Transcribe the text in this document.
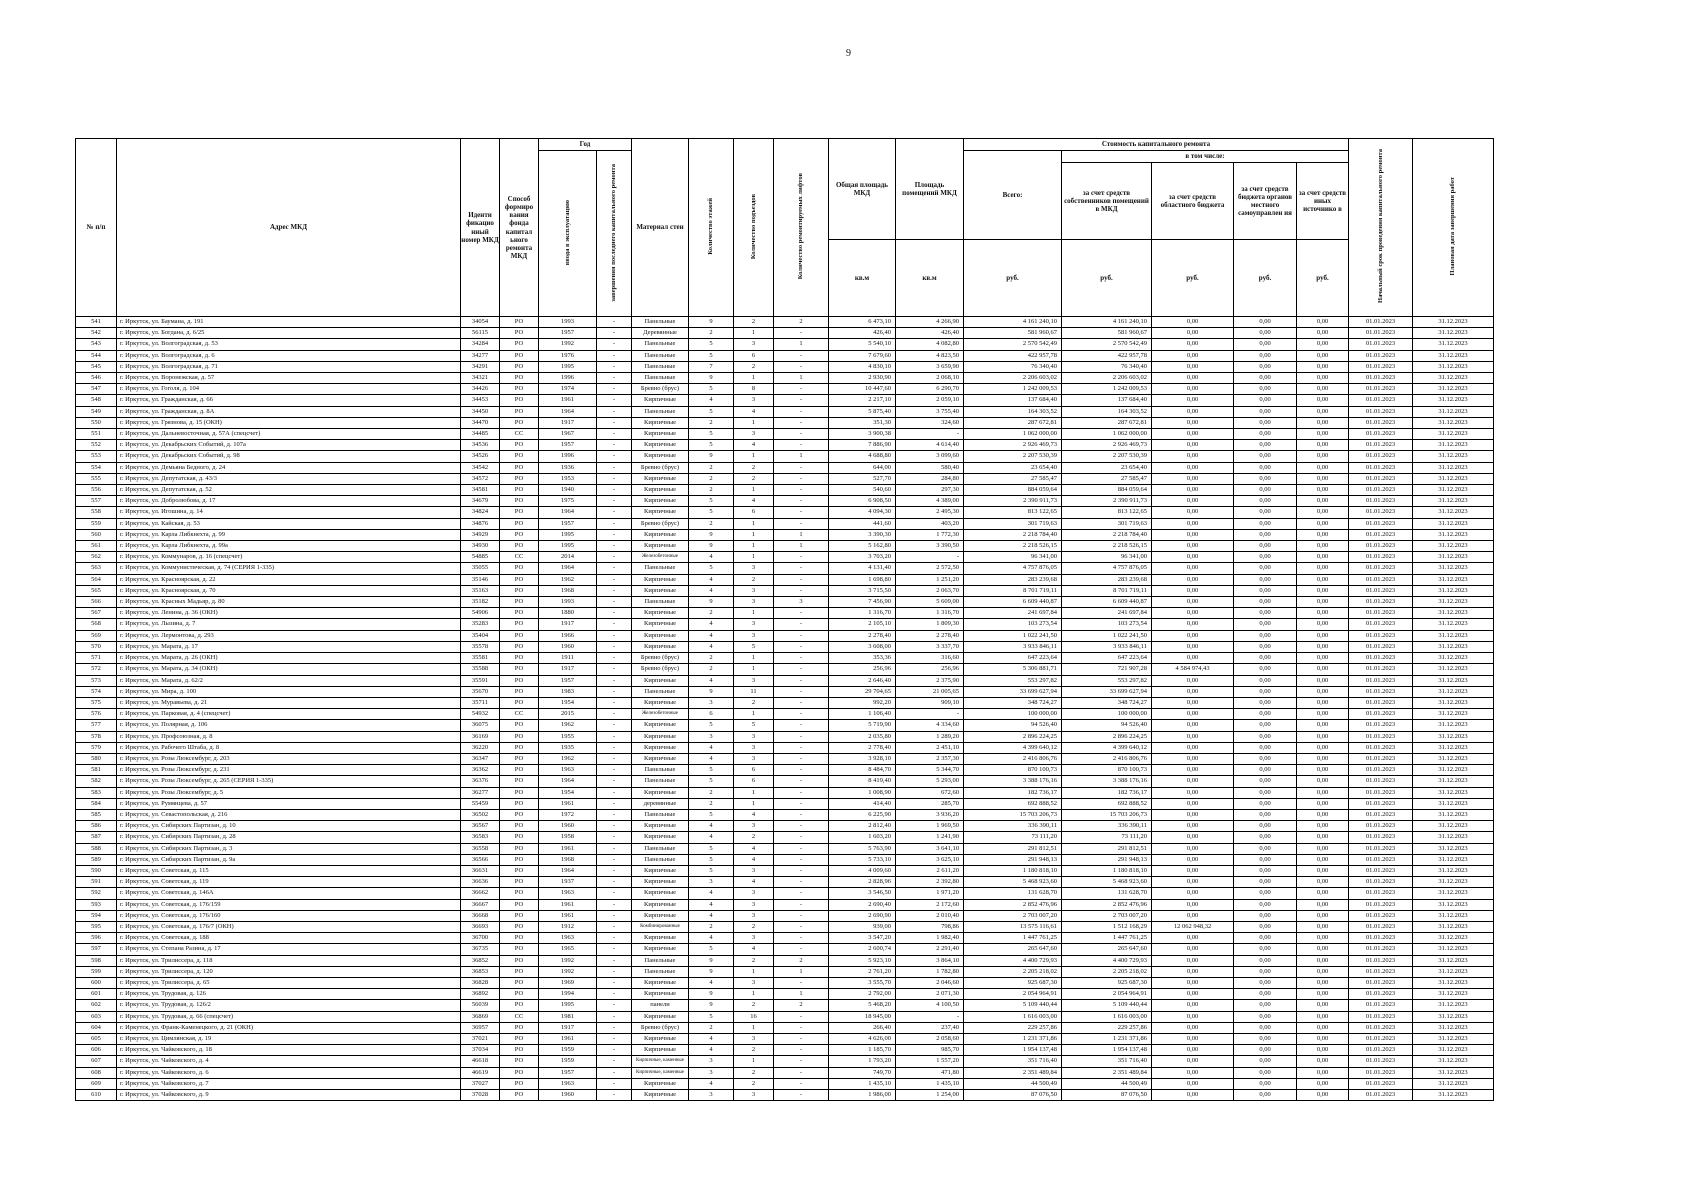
9
№ п/п	Адрес МКД	Иденти фикацио нный номер МКД	Способ формиро вания фонда капитал ьного ремонта МКД	Год		Материал стен	Количество этажей	Количество подъездов	Количество ремонтируемых лифтов	Общая площадь МКД	Площадь помещений МКД	Стоимость капитального ремонта					Начальный срок проведения капитального ремонта	Плановая дата завершения работ
				ввода в эксплуатацию	завершения последнего капитального ремонта							Всего:	в том числе:					
													за счет средств собственников помещений в МКД	за счет средств областного бюджета	за счет средств бюджета органов местного самоуправлен ия	за счет средств иных источнико в		
										кв.м	кв.м	руб.	руб.	руб.	руб.	руб.		
541	г. Иркутск, ул. Баумана, д. 191	34054	РО	1993	-	Панельные	9	2	2	6 473,10	4 266,90	4 161 240,10	4 161 240,10	0,00	0,00	0,00	01.01.2023	31.12.2023
542	г. Иркутск, ул. Богдана, д. 6/25	56115	РО	1957	-	Деревянные	2	1	-	426,40	426,40	581 960,67	581 960,67	0,00	0,00	0,00	01.01.2023	31.12.2023
543	г. Иркутск, ул. Волгоградская, д. 53	34284	РО	1992	-	Панельные	5	3	1	5 540,10	4 082,80	2 570 542,49	2 570 542,49	0,00	0,00	0,00	01.01.2023	31.12.2023
544	г. Иркутск, ул. Волгоградская, д. 6	34277	РО	1976	-	Панельные	5	6	-	7 679,60	4 823,50	422 957,78	422 957,78	0,00	0,00	0,00	01.01.2023	31.12.2023
545	г. Иркутск, ул. Волгоградская, д. 71	34291	РО	1995	-	Панельные	7	2	-	4 830,10	3 659,90	76 340,40	76 340,40	0,00	0,00	0,00	01.01.2023	31.12.2023
546	г. Иркутск, ул. Воронежская, д. 57	34321	РО	1996	-	Панельные	9	1	1	2 930,90	2 068,10	2 206 603,02	2 206 603,02	0,00	0,00	0,00	01.01.2023	31.12.2023
547	г. Иркутск, ул. Гоголя, д. 104	34426	РО	1974	-	Бревно (брус)	5	8	-	10 447,60	6 290,70	1 242 009,53	1 242 009,53	0,00	0,00	0,00	01.01.2023	31.12.2023
548	г. Иркутск, ул. Гражданская, д. 66	34453	РО	1961	-	Кирпичные	4	3	-	2 217,10	2 059,10	137 684,40	137 684,40	0,00	0,00	0,00	01.01.2023	31.12.2023
549	г. Иркутск, ул. Гражданская, д. 8А	34450	РО	1964	-	Панельные	5	4	-	5 875,40	3 755,40	164 303,52	164 303,52	0,00	0,00	0,00	01.01.2023	31.12.2023
550	г. Иркутск, ул. Грязнова, д. 15 (ОКН)	34470	РО	1917	-	Кирпичные	2	1	-	351,30	324,60	287 672,81	287 672,81	0,00	0,00	0,00	01.01.2023	31.12.2023
551	г. Иркутск, ул. Дальневосточная, д. 57А (спецсчет)	34485	СС	1967	-	Кирпичные	5	3	-	3 900,38	-	1 062 000,00	1 062 000,00	0,00	0,00	0,00	01.01.2023	31.12.2023
552	г. Иркутск, ул. Декабрьских Событий, д. 107а	34536	РО	1957	-	Кирпичные	5	4	-	7 886,90	4 614,40	2 926 469,73	2 926 469,73	0,00	0,00	0,00	01.01.2023	31.12.2023
553	г. Иркутск, ул. Декабрьских Событий, д. 98	34526	РО	1996	-	Кирпичные	9	1	1	4 688,80	3 099,60	2 207 530,39	2 207 530,39	0,00	0,00	0,00	01.01.2023	31.12.2023
554	г. Иркутск, ул. Демьяна Бедного, д. 24	34542	РО	1936	-	Бревно (брус)	2	2	-	644,00	580,40	23 654,40	23 654,40	0,00	0,00	0,00	01.01.2023	31.12.2023
555	г. Иркутск, ул. Депутатская, д. 43/3	34572	РО	1953	-	Кирпичные	2	2	-	527,70	284,80	27 585,47	27 585,47	0,00	0,00	0,00	01.01.2023	31.12.2023
556	г. Иркутск, ул. Депутатская, д. 52	34581	РО	1940	-	Кирпичные	2	1	-	540,60	297,30	884 059,64	884 059,64	0,00	0,00	0,00	01.01.2023	31.12.2023
557	г. Иркутск, ул. Добролюбова, д. 17	34679	РО	1975	-	Кирпичные	5	4	-	6 908,50	4 389,00	2 390 911,73	2 390 911,73	0,00	0,00	0,00	01.01.2023	31.12.2023
558	г. Иркутск, ул. Игошина, д. 14	34824	РО	1964	-	Кирпичные	5	6	-	4 094,30	2 495,30	813 122,65	813 122,65	0,00	0,00	0,00	01.01.2023	31.12.2023
559	г. Иркутск, ул. Кайская, д. 53	34876	РО	1957	-	Бревно (брус)	2	1	-	441,60	403,20	301 719,63	301 719,63	0,00	0,00	0,00	01.01.2023	31.12.2023
560	г. Иркутск, ул. Карла Либкнехта, д. 99	34929	РО	1995	-	Кирпичные	9	1	1	3 390,30	1 772,30	2 218 784,40	2 218 784,40	0,00	0,00	0,00	01.01.2023	31.12.2023
561	г. Иркутск, ул. Карла Либкнехта, д. 99а	34930	РО	1995	-	Кирпичные	9	1	1	5 162,80	3 390,50	2 218 526,15	2 218 526,15	0,00	0,00	0,00	01.01.2023	31.12.2023
562	г. Иркутск, ул. Коммунаров, д. 16 (спецсчет)	54885	СС	2014	-	Железобетонные	4	1	-	3 703,20	-	96 341,00	96 341,00	0,00	0,00	0,00	01.01.2023	31.12.2023
563	г. Иркутск, ул. Коммунистическая, д. 74 (СЕРИЯ 1-335)	35055	РО	1964	-	Панельные	5	3	-	4 131,40	2 572,50	4 757 876,05	4 757 876,05	0,00	0,00	0,00	01.01.2023	31.12.2023
564	г. Иркутск, ул. Красноярская, д. 22	35146	РО	1962	-	Кирпичные	4	2	-	1 698,80	1 251,20	283 239,68	283 239,68	0,00	0,00	0,00	01.01.2023	31.12.2023
565	г. Иркутск, ул. Красноярская, д. 70	35163	РО	1968	-	Кирпичные	4	3	-	3 715,50	2 063,70	8 701 719,11	8 701 719,11	0,00	0,00	0,00	01.01.2023	31.12.2023
566	г. Иркутск, ул. Красных Мадьяр, д. 80	35182	РО	1993	-	Панельные	9	3	3	7 456,90	5 609,00	6 609 440,87	6 609 440,87	0,00	0,00	0,00	01.01.2023	31.12.2023
567	г. Иркутск, ул. Ленина, д. 36 (ОКН)	54906	РО	1880	-	Кирпичные	2	1	-	1 316,70	1 316,70	241 697,84	241 697,84	0,00	0,00	0,00	01.01.2023	31.12.2023
568	г. Иркутск, ул. Лызина, д. 7	35283	РО	1917	-	Кирпичные	4	3	-	2 105,10	1 809,30	103 273,54	103 273,54	0,00	0,00	0,00	01.01.2023	31.12.2023
569	г. Иркутск, ул. Лермонтова, д. 293	35404	РО	1966	-	Кирпичные	4	3	-	2 278,40	2 278,40	1 022 241,50	1 022 241,50	0,00	0,00	0,00	01.01.2023	31.12.2023
570	г. Иркутск, ул. Марата, д. 17	35578	РО	1960	-	Кирпичные	4	5	-	3 608,00	3 337,70	3 933 846,11	3 933 846,11	0,00	0,00	0,00	01.01.2023	31.12.2023
571	г. Иркутск, ул. Марата, д. 26 (ОКН)	35581	РО	1911	-	Бревно (брус)	2	1	-	353,36	316,60	647 223,64	647 223,64	0,00	0,00	0,00	01.01.2023	31.12.2023
572	г. Иркутск, ул. Марата, д. 34 (ОКН)	35588	РО	1917	-	Бревно (брус)	2	1	-	256,96	256,96	5 306 881,71	721 907,28	4 584 974,43	0,00	0,00	01.01.2023	31.12.2023
573	г. Иркутск, ул. Марата, д. 62/2	35591	РО	1957	-	Кирпичные	4	3	-	2 646,40	2 375,90	553 297,82	553 297,82	0,00	0,00	0,00	01.01.2023	31.12.2023
574	г. Иркутск, ул. Мира, д. 100	35670	РО	1983	-	Панельные	9	11	-	29 704,65	21 005,65	33 699 627,94	33 699 627,94	0,00	0,00	0,00	01.01.2023	31.12.2023
575	г. Иркутск, ул. Муравьева, д. 21	35711	РО	1954	-	Кирпичные	3	2	-	992,20	909,10	348 724,27	348 724,27	0,00	0,00	0,00	01.01.2023	31.12.2023
576	г. Иркутск, ул. Парковая, д. 4 (спецсчет)	54932	СС	2015	-	Железобетонные	6	1	-	1 106,40	-	100 000,00	100 000,00	0,00	0,00	0,00	01.01.2023	31.12.2023
577	г. Иркутск, ул. Полярная, д. 106	36075	РО	1962	-	Кирпичные	5	5	-	5 719,90	4 334,60	94 526,40	94 526,40	0,00	0,00	0,00	01.01.2023	31.12.2023
578	г. Иркутск, ул. Профсоюзная, д. 8	36169	РО	1955	-	Кирпичные	3	3	-	2 035,80	1 289,20	2 896 224,25	2 896 224,25	0,00	0,00	0,00	01.01.2023	31.12.2023
579	г. Иркутск, ул. Рабочего Штаба, д. 8	36220	РО	1935	-	Кирпичные	4	3	-	2 778,40	2 451,10	4 399 640,12	4 399 640,12	0,00	0,00	0,00	01.01.2023	31.12.2023
580	г. Иркутск, ул. Розы Люксембург, д. 203	36347	РО	1962	-	Кирпичные	4	3	-	3 928,10	2 357,30	2 416 806,76	2 416 806,76	0,00	0,00	0,00	01.01.2023	31.12.2023
581	г. Иркутск, ул. Розы Люксембург, д. 231	36362	РО	1963	-	Панельные	5	6	-	8 484,70	5 344,70	870 100,73	870 100,73	0,00	0,00	0,00	01.01.2023	31.12.2023
582	г. Иркутск, ул. Розы Люксембург, д. 265 (СЕРИЯ 1-335)	36376	РО	1964	-	Панельные	5	6	-	8 419,40	5 293,00	3 388 176,16	3 388 176,16	0,00	0,00	0,00	01.01.2023	31.12.2023
583	г. Иркутск, ул. Розы Люксембург, д. 5	36277	РО	1954	-	Кирпичные	2	1	-	1 008,90	672,60	182 736,17	182 736,17	0,00	0,00	0,00	01.01.2023	31.12.2023
584	г. Иркутск, ул. Румянцева, д. 57	55459	РО	1961	-	деревянные	2	1	-	414,40	285,70	692 888,52	692 888,52	0,00	0,00	0,00	01.01.2023	31.12.2023
585	г. Иркутск, ул. Севастопольская, д. 216	36502	РО	1972	-	Панельные	5	4	-	6 225,90	3 936,20	15 703 206,73	15 703 206,73	0,00	0,00	0,00	01.01.2023	31.12.2023
586	г. Иркутск, ул. Сибирских Партизан, д. 10	36567	РО	1960	-	Кирпичные	4	3	-	2 812,40	1 969,50	336 390,11	336 390,11	0,00	0,00	0,00	01.01.2023	31.12.2023
587	г. Иркутск, ул. Сибирских Партизан, д. 28	36583	РО	1958	-	Кирпичные	4	2	-	1 603,20	1 241,90	73 111,20	73 111,20	0,00	0,00	0,00	01.01.2023	31.12.2023
588	г. Иркутск, ул. Сибирских Партизан, д. 3	36558	РО	1961	-	Панельные	5	4	-	5 763,90	3 641,10	291 812,51	291 812,51	0,00	0,00	0,00	01.01.2023	31.12.2023
589	г. Иркутск, ул. Сибирских Партизан, д. 9а	36566	РО	1968	-	Панельные	5	4	-	5 733,10	3 625,10	291 948,13	291 948,13	0,00	0,00	0,00	01.01.2023	31.12.2023
590	г. Иркутск, ул. Советская, д. 115	36631	РО	1964	-	Кирпичные	5	3	-	4 009,60	2 611,20	1 180 818,10	1 180 818,10	0,00	0,00	0,00	01.01.2023	31.12.2023
591	г. Иркутск, ул. Советская, д. 119	36636	РО	1937	-	Кирпичные	3	4	-	2 828,96	2 392,80	5 468 923,60	5 468 923,60	0,00	0,00	0,00	01.01.2023	31.12.2023
592	г. Иркутск, ул. Советская, д. 146А	36662	РО	1963	-	Кирпичные	4	3	-	3 546,50	1 971,20	131 628,70	131 628,70	0,00	0,00	0,00	01.01.2023	31.12.2023
593	г. Иркутск, ул. Советская, д. 176/159	36667	РО	1961	-	Кирпичные	4	3	-	2 690,40	2 172,60	2 852 476,96	2 852 476,96	0,00	0,00	0,00	01.01.2023	31.12.2023
594	г. Иркутск, ул. Советская, д. 176/160	36668	РО	1961	-	Кирпичные	4	3	-	2 690,90	2 010,40	2 703 007,20	2 703 007,20	0,00	0,00	0,00	01.01.2023	31.12.2023
595	г. Иркутск, ул. Советская, д. 176/7 (ОКН)	36693	РО	1912	-	Комбинированные	2	2	-	939,00	798,86	13 575 116,61	1 512 168,29	12 062 948,32	0,00	0,00	01.01.2023	31.12.2023
596	г. Иркутск, ул. Советская, д. 188	36700	РО	1963	-	Кирпичные	4	3	-	3 547,20	1 982,40	1 447 761,25	1 447 761,25	0,00	0,00	0,00	01.01.2023	31.12.2023
597	г. Иркутск, ул. Степана Разина, д. 17	36735	РО	1965	-	Кирпичные	5	4	-	2 600,74	2 291,40	265 647,60	265 647,60	0,00	0,00	0,00	01.01.2023	31.12.2023
598	г. Иркутск, ул. Трилиссера, д. 118	36852	РО	1992	-	Панельные	9	2	2	5 923,10	3 864,10	4 400 729,93	4 400 729,93	0,00	0,00	0,00	01.01.2023	31.12.2023
599	г. Иркутск, ул. Трилиссера, д. 120	36853	РО	1992	-	Панельные	9	1	1	2 761,20	1 782,80	2 205 218,02	2 205 218,02	0,00	0,00	0,00	01.01.2023	31.12.2023
600	г. Иркутск, ул. Трилиссера, д. 65	36828	РО	1969	-	Кирпичные	4	3	-	3 555,70	2 046,60	925 687,30	925 687,30	0,00	0,00	0,00	01.01.2023	31.12.2023
601	г. Иркутск, ул. Трудовая, д. 126	36892	РО	1994	-	Кирпичные	9	1	1	2 792,00	2 071,30	2 054 964,91	2 054 964,91	0,00	0,00	0,00	01.01.2023	31.12.2023
602	г. Иркутск, ул. Трудовая, д. 126/2	56039	РО	1995	-	панели	9	2	2	5 468,20	4 100,50	5 109 440,44	5 109 440,44	0,00	0,00	0,00	01.01.2023	31.12.2023
603	г. Иркутск, ул. Трудовая, д. 66 (спецсчет)	36869	СС	1981	-	Кирпичные	5	16	-	18 945,00	-	1 616 003,00	1 616 003,00	0,00	0,00	0,00	01.01.2023	31.12.2023
604	г. Иркутск, ул. Франк-Каменецкого, д. 21 (ОКН)	36957	РО	1917	-	Бревно (брус)	2	1	-	266,40	237,40	229 257,86	229 257,86	0,00	0,00	0,00	01.01.2023	31.12.2023
605	г. Иркутск, ул. Цимлянская, д. 19	37021	РО	1961	-	Кирпичные	4	3	-	4 626,00	2 058,60	1 231 371,86	1 231 371,86	0,00	0,00	0,00	01.01.2023	31.12.2023
606	г. Иркутск, ул. Чайковского, д. 18	37034	РО	1959	-	Кирпичные	4	2	-	1 185,70	985,70	1 954 137,48	1 954 137,48	0,00	0,00	0,00	01.01.2023	31.12.2023
607	г. Иркутск, ул. Чайковского, д. 4	46618	РО	1959	-	Кирпичные, каменные	3	1	-	1 793,20	1 557,20	351 716,40	351 716,40	0,00	0,00	0,00	01.01.2023	31.12.2023
608	г. Иркутск, ул. Чайковского, д. 6	46619	РО	1957	-	Кирпичные, каменные	3	2	-	749,70	471,80	2 351 489,84	2 351 489,84	0,00	0,00	0,00	01.01.2023	31.12.2023
609	г. Иркутск, ул. Чайковского, д. 7	37027	РО	1963	-	Кирпичные	4	2	-	1 435,10	1 435,10	44 500,49	44 500,49	0,00	0,00	0,00	01.01.2023	31.12.2023
610	г. Иркутск, ул. Чайковского, д. 9	37028	РО	1960	-	Кирпичные	3	3	-	1 986,00	1 254,00	87 076,50	87 076,50	0,00	0,00	0,00	01.01.2023	31.12.2023
